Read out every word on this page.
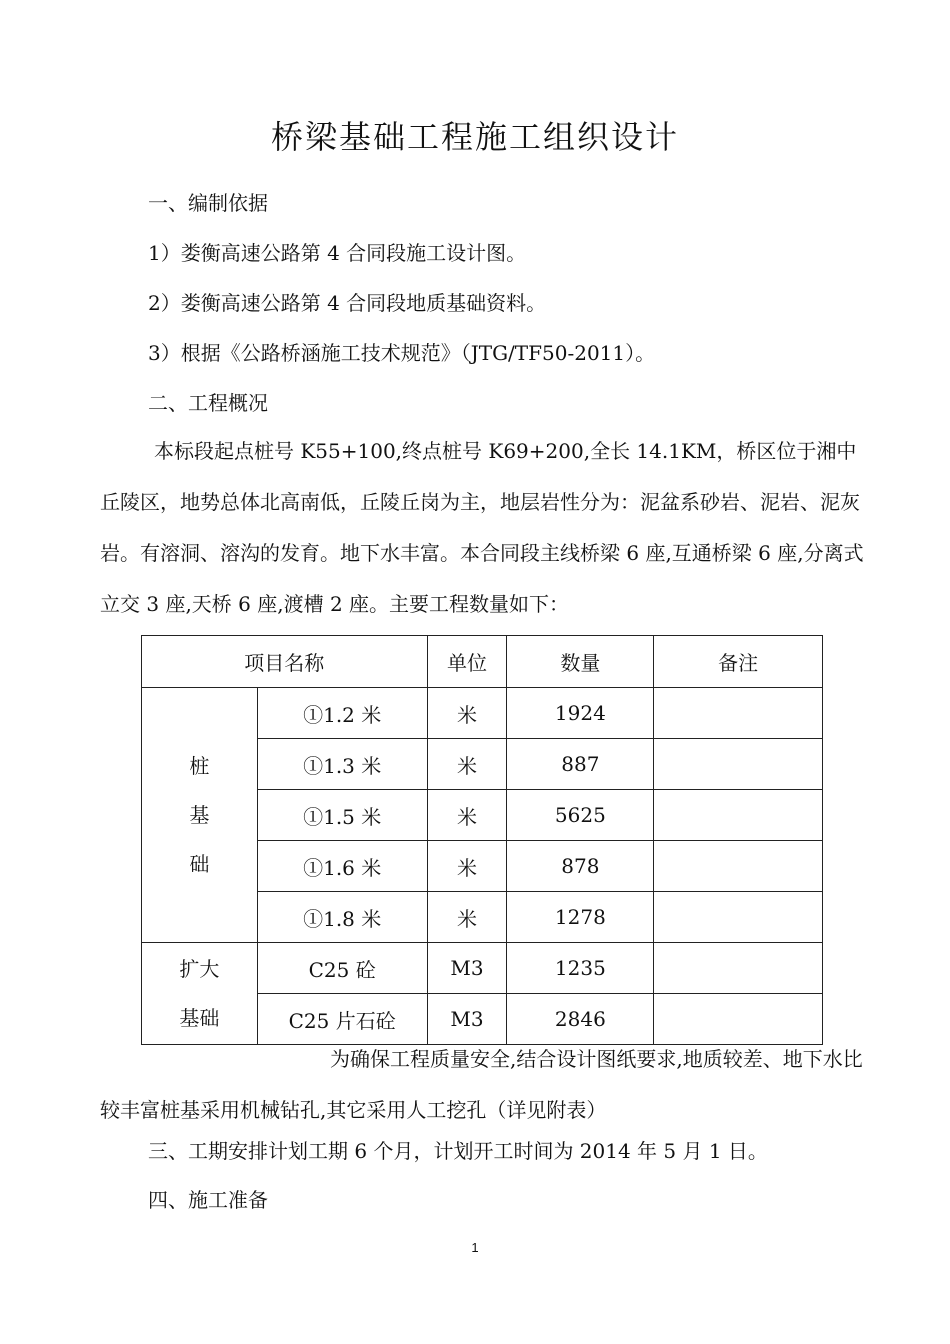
桥梁基础工程施工组织设计
一、编制依据
1）娄衡高速公路第 4 合同段施工设计图。
2）娄衡高速公路第 4 合同段地质基础资料。
3）根据《公路桥涵施工技术规范》（JTG/TF50-2011）。
二、工程概况
本标段起点桩号 K55+100,终点桩号 K69+200,全长 14.1KM，桥区位于湘中丘陵区，地势总体北高南低，丘陵丘岗为主，地层岩性分为：泥盆系砂岩、泥岩、泥灰岩。有溶洞、溶沟的发育。地下水丰富。本合同段主线桥梁 6 座,互通桥梁 6 座,分离式立交 3 座,天桥 6 座,渡槽 2 座。主要工程数量如下：
项目名称		单位	数量	备注

桩
基
础	①1.2 米	米	1924	
	①1.3 米	米	887	
	①1.5 米	米	5625	
	①1.6 米	米	878	
	①1.8 米	米	1278	

扩大
基础	C25 砼	M3	1235	
	C25 片石砼	M3	2846	
为确保工程质量安全,结合设计图纸要求,地质较差、地下水比较丰富桩基采用机械钻孔,其它采用人工挖孔（详见附表）
三、工期安排计划工期 6 个月，计划开工时间为 2014 年 5 月 1 日。
四、施工准备
1
